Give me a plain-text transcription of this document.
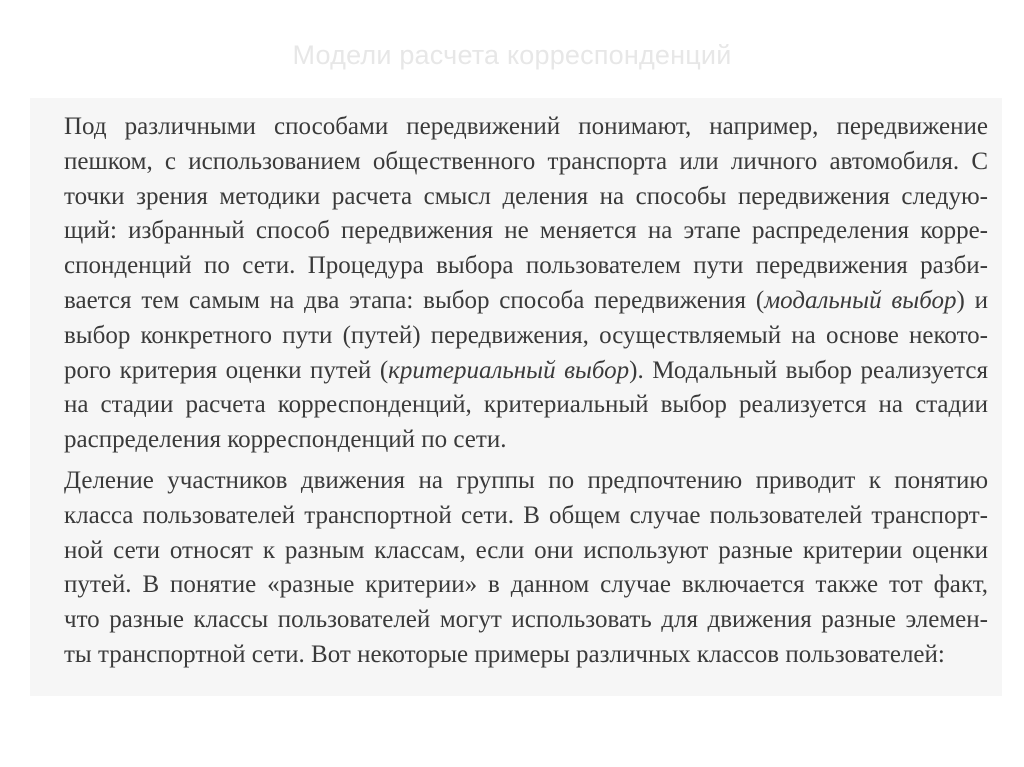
Модели расчета корреспонденций
Под различными способами передвижений понимают, например, передвижение
пешком, с использованием общественного транспорта или личного автомобиля. С
точки зрения методики расчета смысл деления на способы передвижения следую-
щий: избранный способ передвижения не меняется на этапе распределения корре-
спонденций по сети. Процедура выбора пользователем пути передвижения разби-
вается тем самым на два этапа: выбор способа передвижения (модальный выбор) и
выбор конкретного пути (путей) передвижения, осуществляемый на основе некото-
рого критерия оценки путей (критериальный выбор). Модальный выбор реализуется
на стадии расчета корреспонденций, критериальный выбор реализуется на стадии
распределения корреспонденций по сети.
Деление участников движения на группы по предпочтению приводит к понятию
класса пользователей транспортной сети. В общем случае пользователей транспорт-
ной сети относят к разным классам, если они используют разные критерии оценки
путей. В понятие «разные критерии» в данном случае включается также тот факт,
что разные классы пользователей могут использовать для движения разные элемен-
ты транспортной сети. Вот некоторые примеры различных классов пользователей:
